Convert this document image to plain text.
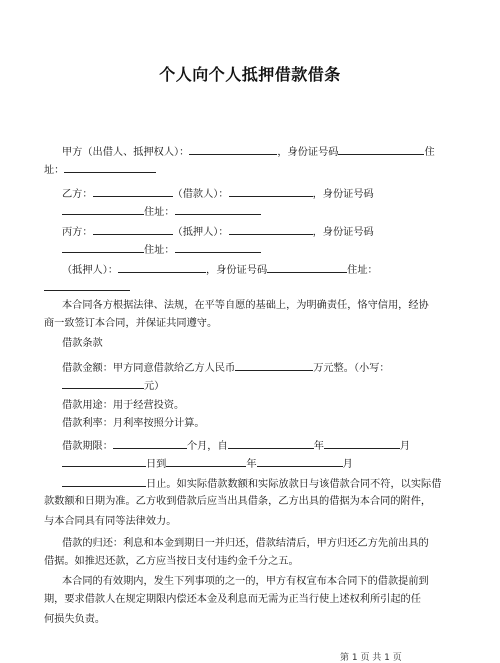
个人向个人抵押借款借条
甲方（出借人、抵押权人）：	，身份证号码	住
址：
乙方：	（借款人）：	，身份证号码
住址：
丙方：	（抵押人）：	，身份证号码
住址：
（抵押人）：	，身份证号码	住址：
本合同各方根据法律、法规，在平等自愿的基础上，为明确责任，恪守信用，经协
商一致签订本合同，并保证共同遵守。
借款条款
借款金额：甲方同意借款给乙方人民币	万元整。（小写：
元）
借款用途：用于经营投资。
借款利率：月利率按照分计算。
借款期限：	个月，自	年	月
日到	年	月
日止。如实际借款数额和实际放款日与该借款合同不符，以实际借
款数额和日期为准。乙方收到借款后应当出具借条，乙方出具的借据为本合同的附件，
与本合同具有同等法律效力。
借款的归还：利息和本金到期日一并归还，借款结清后，甲方归还乙方先前出具的
借据。如推迟还款，乙方应当按日支付违约金千分之五。
本合同的有效期内，发生下列事项的之一的，甲方有权宣布本合同下的借款提前到
期，要求借款人在规定期限内偿还本金及利息而无需为正当行使上述权利所引起的任
何损失负责。
第 1 页 共 1 页
